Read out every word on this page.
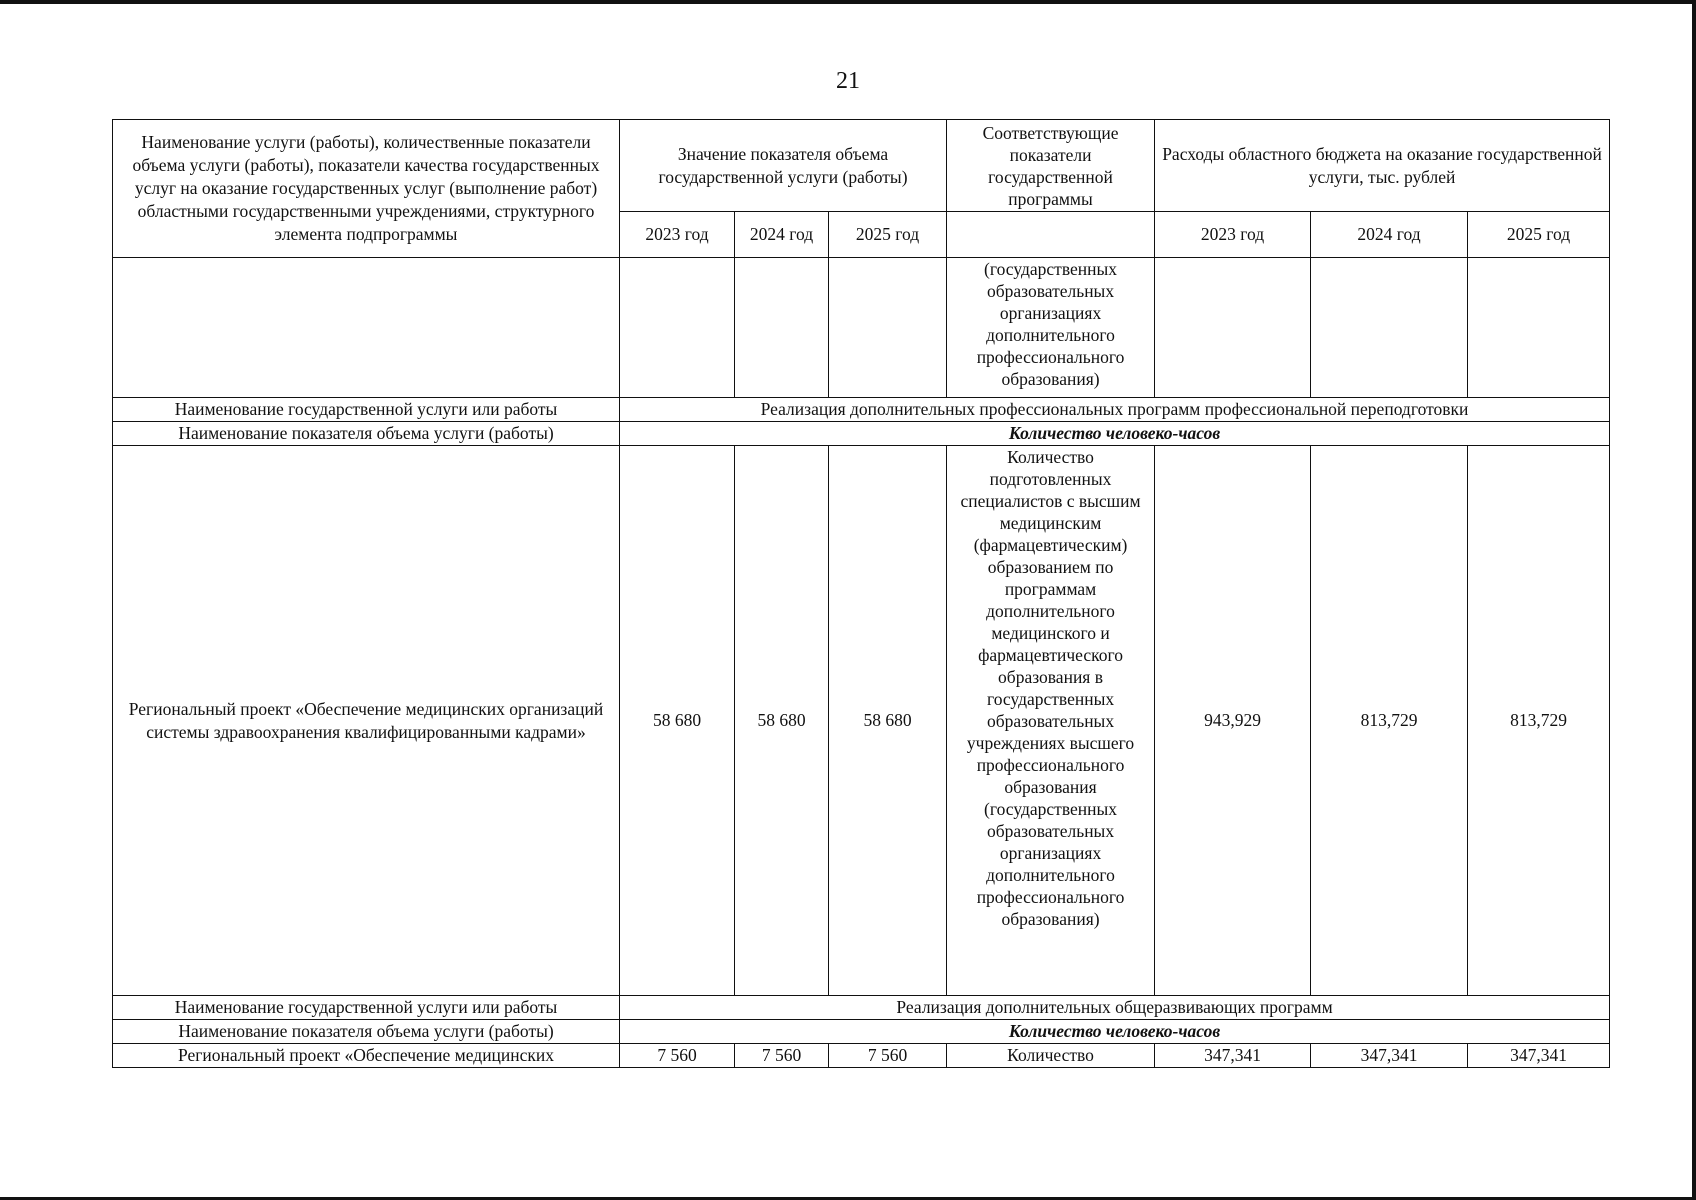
21
Наименование услуги (работы), количественные показатели объема услуги (работы), показатели качества государственных услуг на оказание государственных услуг (выполнение работ) областными государственными учреждениями, структурного элемента подпрограммы	Значение показателя объема государственной услуги (работы)			Соответствующие показатели государственной программы	Расходы областного бюджета на оказание государственной услуги, тыс. рублей		
	2023 год	2024 год	2025 год		2023 год	2024 год	2025 год
				(государственных образовательных организациях дополнительного профессионального образования)			
Наименование государственной услуги или работы	Реализация дополнительных профессиональных программ профессиональной переподготовки						
Наименование показателя объема услуги (работы)	Количество человеко-часов						
Региональный проект «Обеспечение медицинских организаций системы здравоохранения квалифицированными кадрами»	58 680	58 680	58 680	Количество подготовленных специалистов с высшим медицинским (фармацевтическим) образованием по программам дополнительного медицинского и фармацевтического образования в государственных образовательных учреждениях высшего профессионального образования (государственных образовательных организациях дополнительного профессионального образования)	943,929	813,729	813,729
Наименование государственной услуги или работы	Реализация дополнительных общеразвивающих программ						
Наименование показателя объема услуги (работы)	Количество человеко-часов						
Региональный проект «Обеспечение медицинских	7 560	7 560	7 560	Количество	347,341	347,341	347,341
